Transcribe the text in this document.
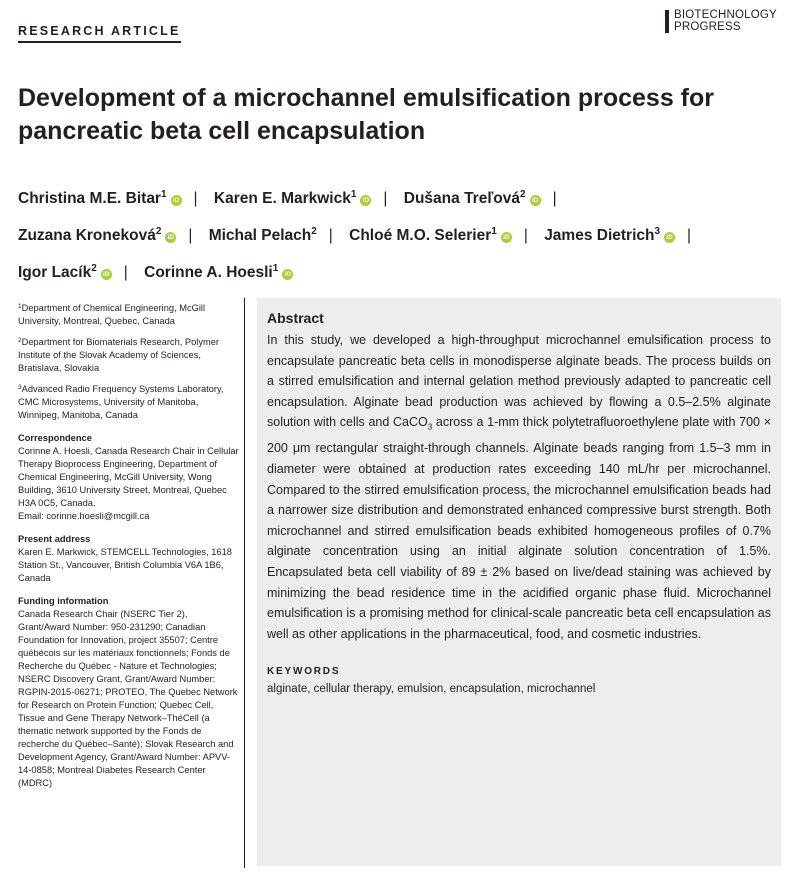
RESEARCH ARTICLE
BIOTECHNOLOGY
PROGRESS
Development of a microchannel emulsification process for pancreatic beta cell encapsulation
Christina M.E. Bitar$^1$iD | Karen E. Markwick$^1$iD | Dušana Treľová$^2$iD |
Zuzana Kroneková$^2$iD | Michal Pelach$^2$ | Chloé M.O. Selerier$^1$iD | James Dietrich$^3$iD |
Igor Lacík$^2$iD | Corinne A. Hoesli$^1$iD
$^1$Department of Chemical Engineering, McGill University, Montreal, Quebec, Canada
$^2$Department for Biomaterials Research, Polymer Institute of the Slovak Academy of Sciences, Bratislava, Slovakia
$^3$Advanced Radio Frequency Systems Laboratory, CMC Microsystems, University of Manitoba, Winnipeg, Manitoba, Canada
Correspondence
Corinne A. Hoesli, Canada Research Chair in Cellular Therapy Bioprocess Engineering, Department of Chemical Engineering, McGill University, Wong Building, 3610 University Street, Montreal, Quebec H3A 0C5, Canada.
Email: corinne.hoesli@mcgill.ca
Present address
Karen E. Markwick, STEMCELL Technologies, 1618 Station St., Vancouver, British Columbia V6A 1B6, Canada
Funding information
Canada Research Chair (NSERC Tier 2), Grant/Award Number: 950-231290; Canadian Foundation for Innovation, project 35507; Centre québécois sur les matériaux fonctionnels; Fonds de Recherche du Québec - Nature et Technologies; NSERC Discovery Grant, Grant/Award Number: RGPIN-2015-06271; PROTEO, The Quebec Network for Research on Protein Function; Quebec Cell, Tissue and Gene Therapy Network–ThéCell (a thematic network supported by the Fonds de recherche du Québec–Santé); Slovak Research and Development Agency, Grant/Award Number: APVV-14-0858; Montreal Diabetes Research Center (MDRC)
Abstract

In this study, we developed a high-throughput microchannel emulsification process to encapsulate pancreatic beta cells in monodisperse alginate beads. The process builds on a stirred emulsification and internal gelation method previously adapted to pancreatic cell encapsulation. Alginate bead production was achieved by flowing a 0.5–2.5% alginate solution with cells and CaCO$_3$ across a 1-mm thick polytetrafluoroethylene plate with 700 × 200 μm rectangular straight-through channels. Alginate beads ranging from 1.5–3 mm in diameter were obtained at production rates exceeding 140 mL/hr per microchannel. Compared to the stirred emulsification process, the microchannel emulsification beads had a narrower size distribution and demonstrated enhanced compressive burst strength. Both microchannel and stirred emulsification beads exhibited homogeneous profiles of 0.7% alginate concentration using an initial alginate solution concentration of 1.5%. Encapsulated beta cell viability of 89 ± 2% based on live/dead staining was achieved by minimizing the bead residence time in the acidified organic phase fluid. Microchannel emulsification is a promising method for clinical-scale pancreatic beta cell encapsulation as well as other applications in the pharmaceutical, food, and cosmetic industries.

KEYWORDS
alginate, cellular therapy, emulsion, encapsulation, microchannel
